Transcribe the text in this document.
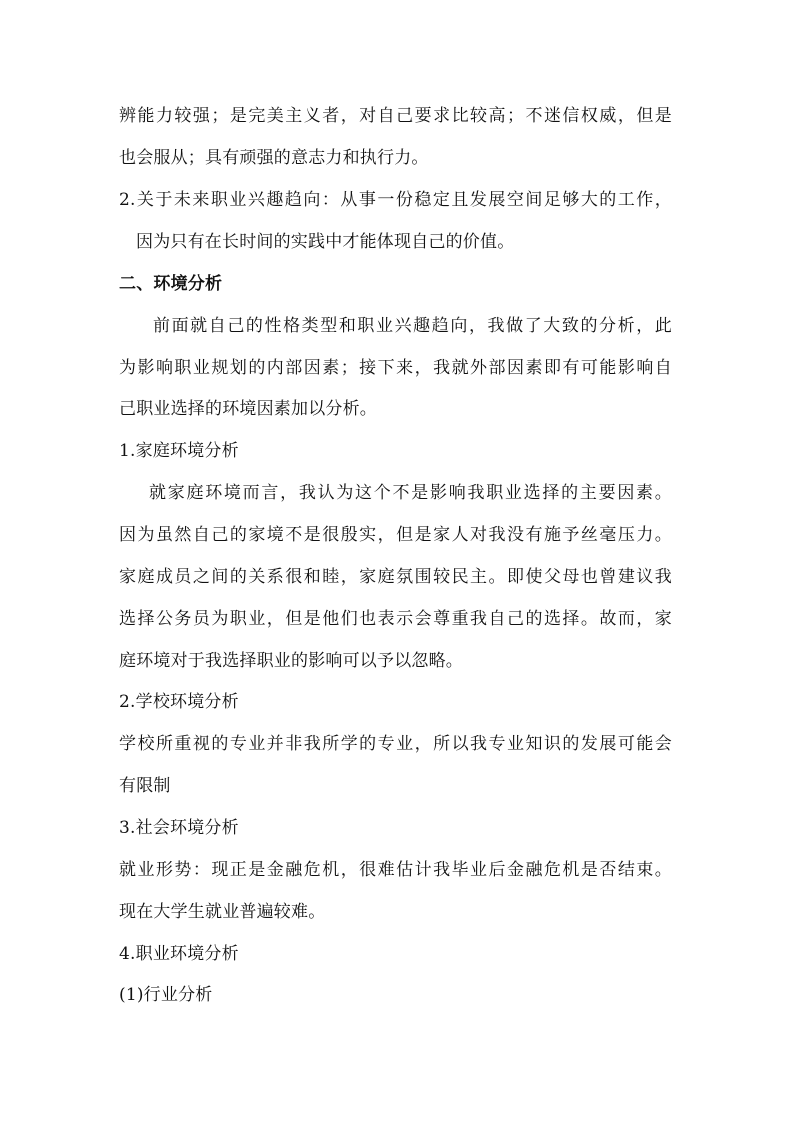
辨能力较强；是完美主义者，对自己要求比较高；不迷信权威，但是
也会服从；具有顽强的意志力和执行力。
2.关于未来职业兴趣趋向：从事一份稳定且发展空间足够大的工作，
因为只有在长时间的实践中才能体现自己的价值。
二、环境分析
前面就自己的性格类型和职业兴趣趋向，我做了大致的分析，此
为影响职业规划的内部因素；接下来，我就外部因素即有可能影响自
己职业选择的环境因素加以分析。
1.家庭环境分析
就家庭环境而言，我认为这个不是影响我职业选择的主要因素。
因为虽然自己的家境不是很殷实，但是家人对我没有施予丝毫压力。
家庭成员之间的关系很和睦，家庭氛围较民主。即使父母也曾建议我
选择公务员为职业，但是他们也表示会尊重我自己的选择。故而，家
庭环境对于我选择职业的影响可以予以忽略。
2.学校环境分析
学校所重视的专业并非我所学的专业，所以我专业知识的发展可能会
有限制
3.社会环境分析
就业形势：现正是金融危机，很难估计我毕业后金融危机是否结束。
现在大学生就业普遍较难。
4.职业环境分析
(1)行业分析
